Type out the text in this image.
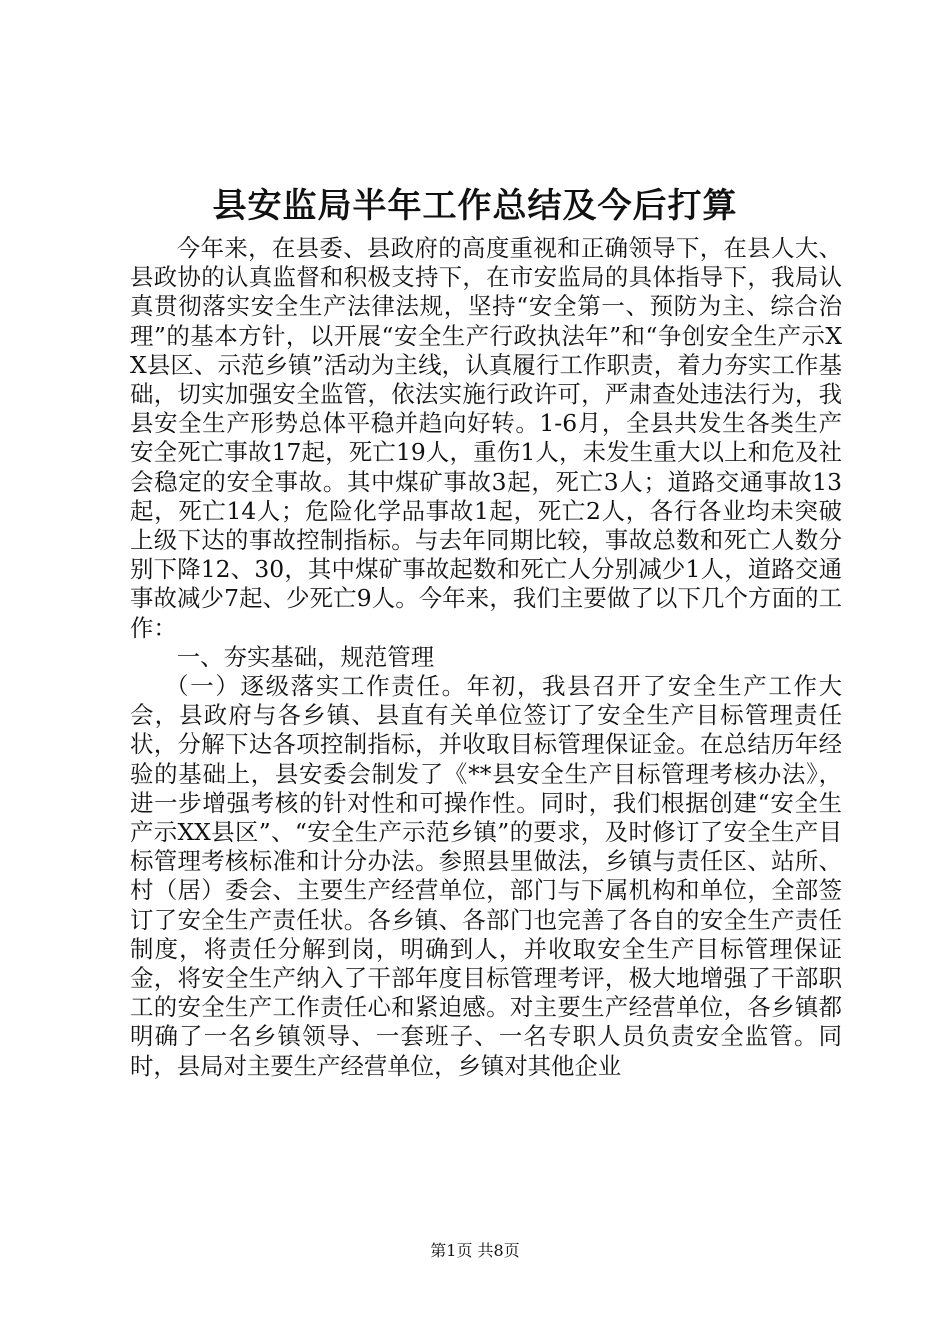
县安监局半年工作总结及今后打算

今年来，在县委、县政府的高度重视和正确领导下，在县人大、县政协的认真监督和积极支持下，在市安监局的具体指导下，我局认真贯彻落实安全生产法律法规，坚持“安全第一、预防为主、综合治理”的基本方针，以开展“安全生产行政执法年”和“争创安全生产示XX县区、示范乡镇”活动为主线，认真履行工作职责，着力夯实工作基础，切实加强安全监管，依法实施行政许可，严肃查处违法行为，我县安全生产形势总体平稳并趋向好转。1-6月，全县共发生各类生产安全死亡事故17起，死亡19人，重伤1人，未发生重大以上和危及社会稳定的安全事故。其中煤矿事故3起，死亡3人；道路交通事故13起，死亡14人；危险化学品事故1起，死亡2人，各行各业均未突破上级下达的事故控制指标。与去年同期比较，事故总数和死亡人数分别下降12、30，其中煤矿事故起数和死亡人分别减少1人，道路交通事故减少7起、少死亡9人。今年来，我们主要做了以下几个方面的工作：

一、夯实基础，规范管理

（一）逐级落实工作责任。年初，我县召开了安全生产工作大会，县政府与各乡镇、县直有关单位签订了安全生产目标管理责任状，分解下达各项控制指标，并收取目标管理保证金。在总结历年经验的基础上，县安委会制发了《**县安全生产目标管理考核办法》，进一步增强考核的针对性和可操作性。同时，我们根据创建“安全生产示XX县区”、“安全生产示范乡镇”的要求，及时修订了安全生产目标管理考核标准和计分办法。参照县里做法，乡镇与责任区、站所、村（居）委会、主要生产经营单位，部门与下属机构和单位，全部签订了安全生产责任状。各乡镇、各部门也完善了各自的安全生产责任制度，将责任分解到岗，明确到人，并收取安全生产目标管理保证金，将安全生产纳入了干部年度目标管理考评，极大地增强了干部职工的安全生产工作责任心和紧迫感。对主要生产经营单位，各乡镇都明确了一名乡镇领导、一套班子、一名专职人员负责安全监管。同时，县局对主要生产经营单位，乡镇对其他企业

第1页 共8页
